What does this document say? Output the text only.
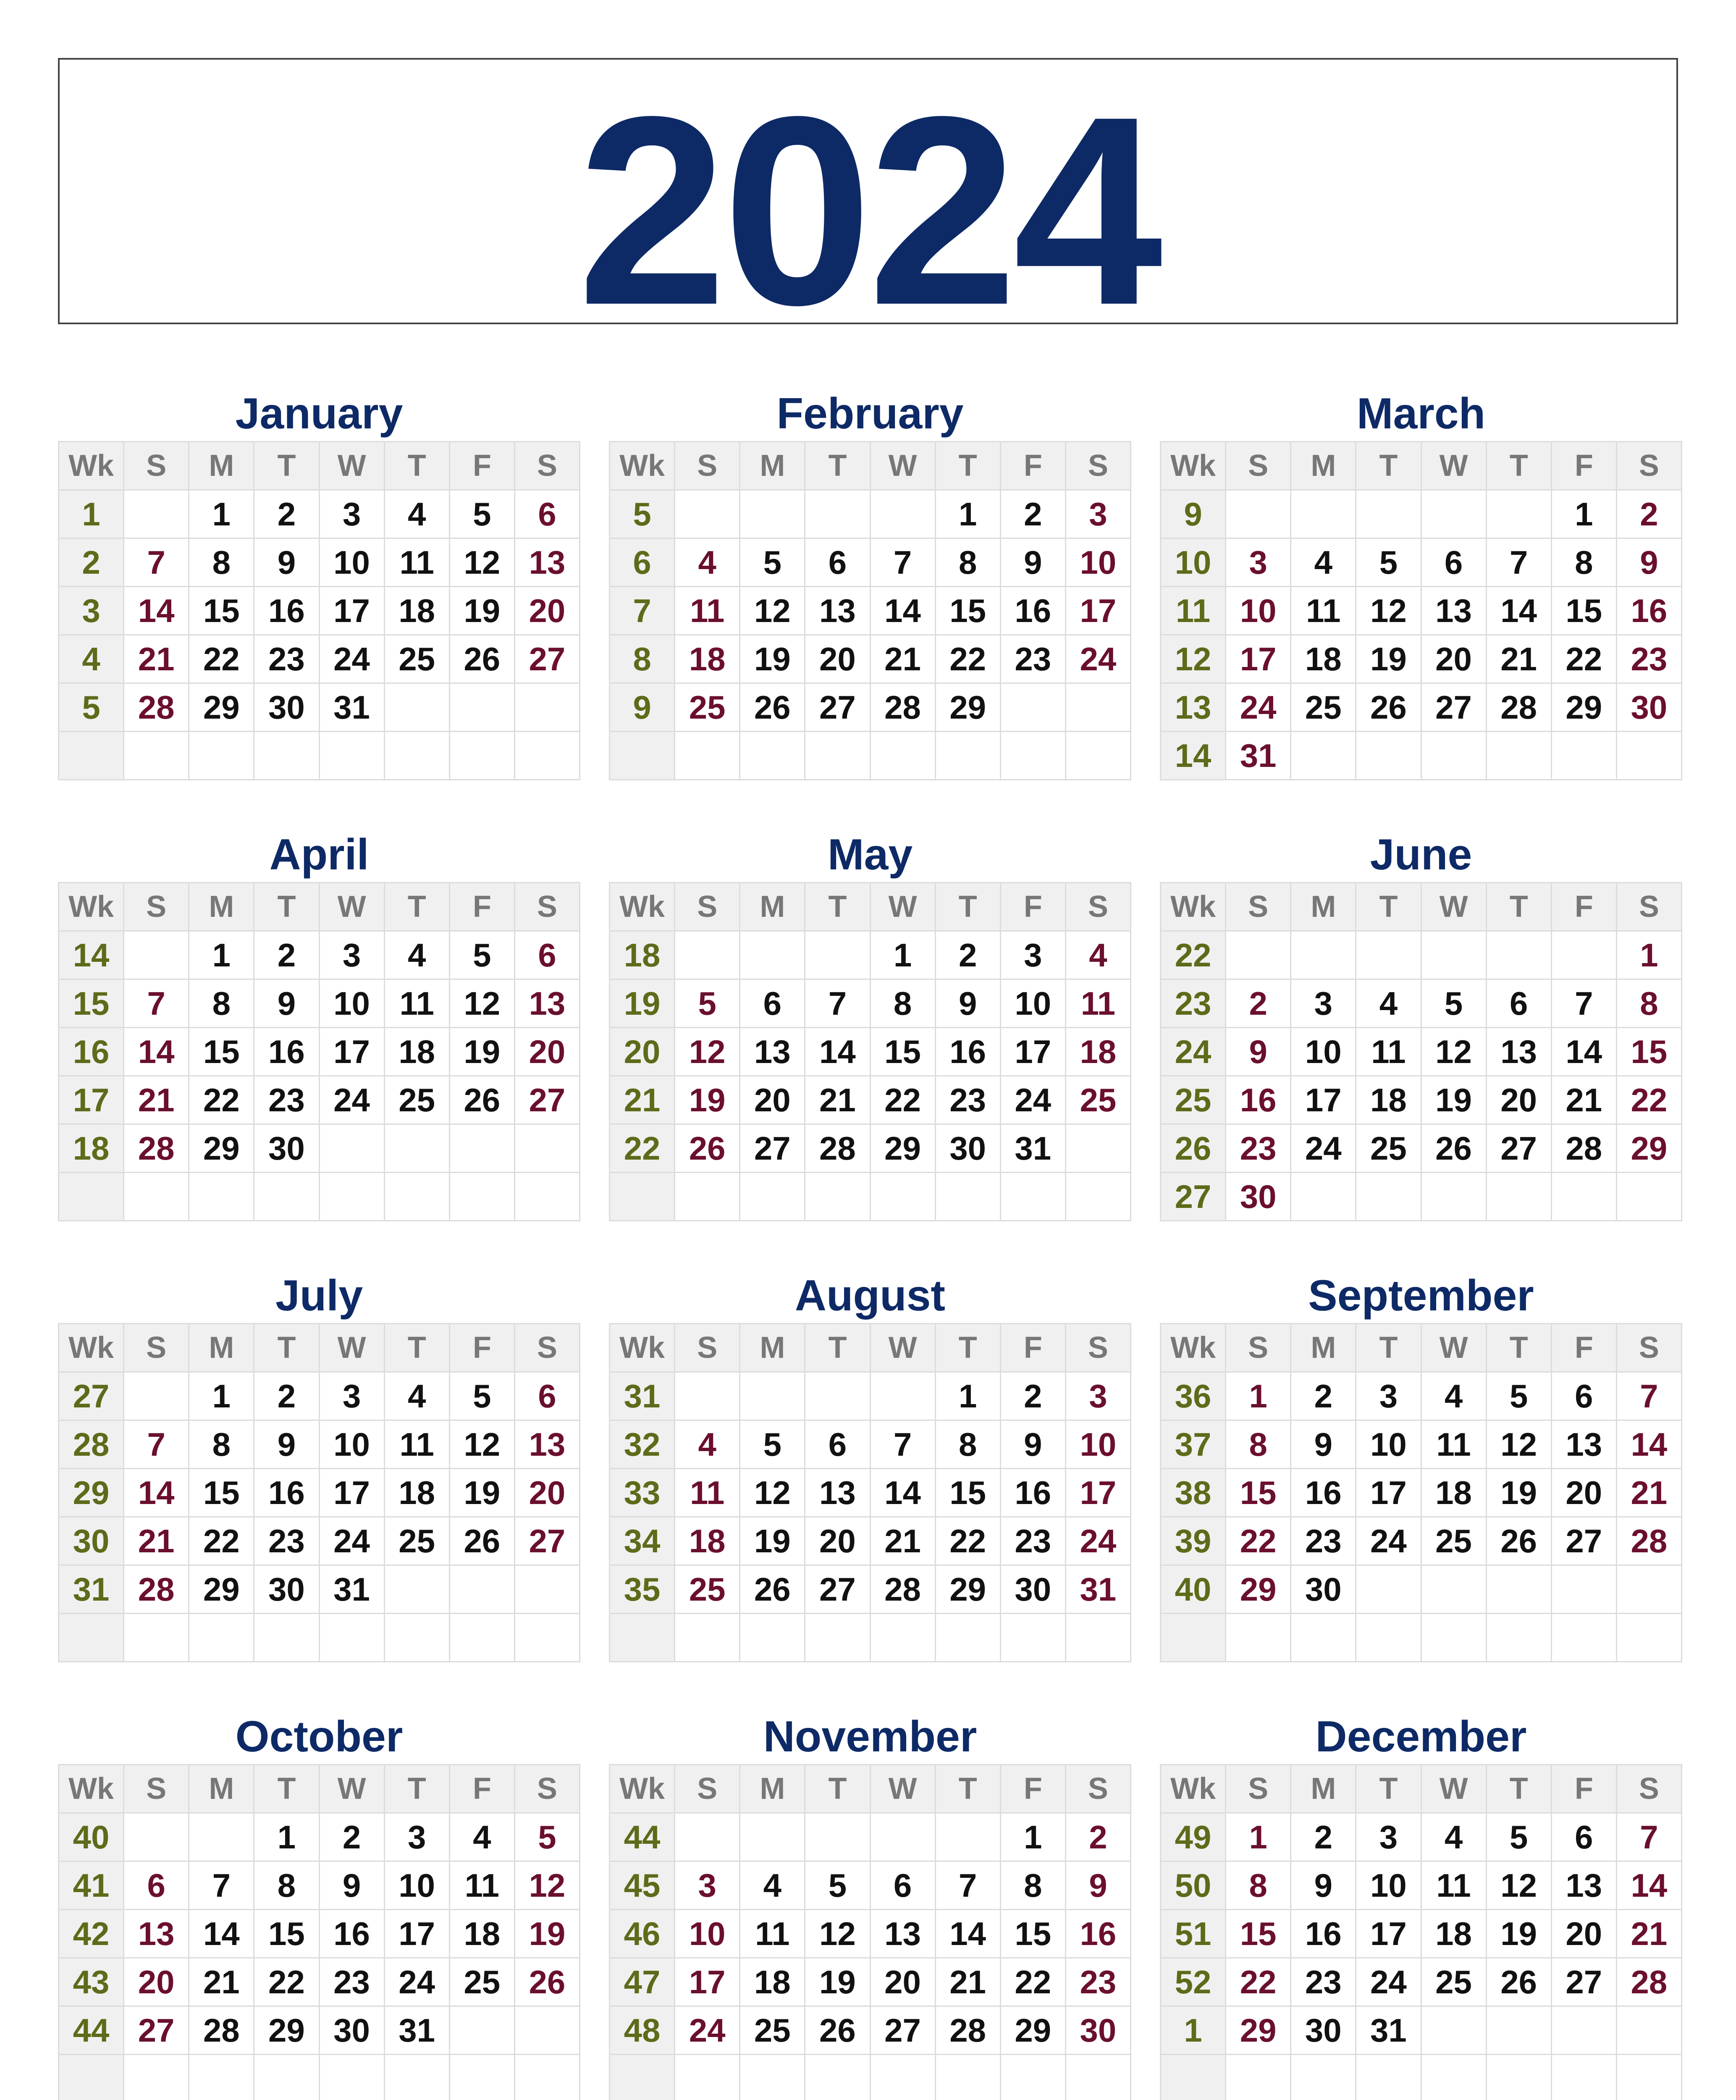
2024
January
Wk	S	M	T	W	T	F	S
1		1	2	3	4	5	6
2	7	8	9	10	11	12	13
3	14	15	16	17	18	19	20
4	21	22	23	24	25	26	27
5	28	29	30	31			

February
Wk	S	M	T	W	T	F	S
5					1	2	3
6	4	5	6	7	8	9	10
7	11	12	13	14	15	16	17
8	18	19	20	21	22	23	24
9	25	26	27	28	29		

March
Wk	S	M	T	W	T	F	S
9						1	2
10	3	4	5	6	7	8	9
11	10	11	12	13	14	15	16
12	17	18	19	20	21	22	23
13	24	25	26	27	28	29	30
14	31						
April
Wk	S	M	T	W	T	F	S
14		1	2	3	4	5	6
15	7	8	9	10	11	12	13
16	14	15	16	17	18	19	20
17	21	22	23	24	25	26	27
18	28	29	30				

May
Wk	S	M	T	W	T	F	S
18				1	2	3	4
19	5	6	7	8	9	10	11
20	12	13	14	15	16	17	18
21	19	20	21	22	23	24	25
22	26	27	28	29	30	31	

June
Wk	S	M	T	W	T	F	S
22							1
23	2	3	4	5	6	7	8
24	9	10	11	12	13	14	15
25	16	17	18	19	20	21	22
26	23	24	25	26	27	28	29
27	30						
July
Wk	S	M	T	W	T	F	S
27		1	2	3	4	5	6
28	7	8	9	10	11	12	13
29	14	15	16	17	18	19	20
30	21	22	23	24	25	26	27
31	28	29	30	31			

August
Wk	S	M	T	W	T	F	S
31					1	2	3
32	4	5	6	7	8	9	10
33	11	12	13	14	15	16	17
34	18	19	20	21	22	23	24
35	25	26	27	28	29	30	31

September
Wk	S	M	T	W	T	F	S
36	1	2	3	4	5	6	7
37	8	9	10	11	12	13	14
38	15	16	17	18	19	20	21
39	22	23	24	25	26	27	28
40	29	30					

October
Wk	S	M	T	W	T	F	S
40			1	2	3	4	5
41	6	7	8	9	10	11	12
42	13	14	15	16	17	18	19
43	20	21	22	23	24	25	26
44	27	28	29	30	31		

November
Wk	S	M	T	W	T	F	S
44						1	2
45	3	4	5	6	7	8	9
46	10	11	12	13	14	15	16
47	17	18	19	20	21	22	23
48	24	25	26	27	28	29	30

December
Wk	S	M	T	W	T	F	S
49	1	2	3	4	5	6	7
50	8	9	10	11	12	13	14
51	15	16	17	18	19	20	21
52	22	23	24	25	26	27	28
1	29	30	31				
